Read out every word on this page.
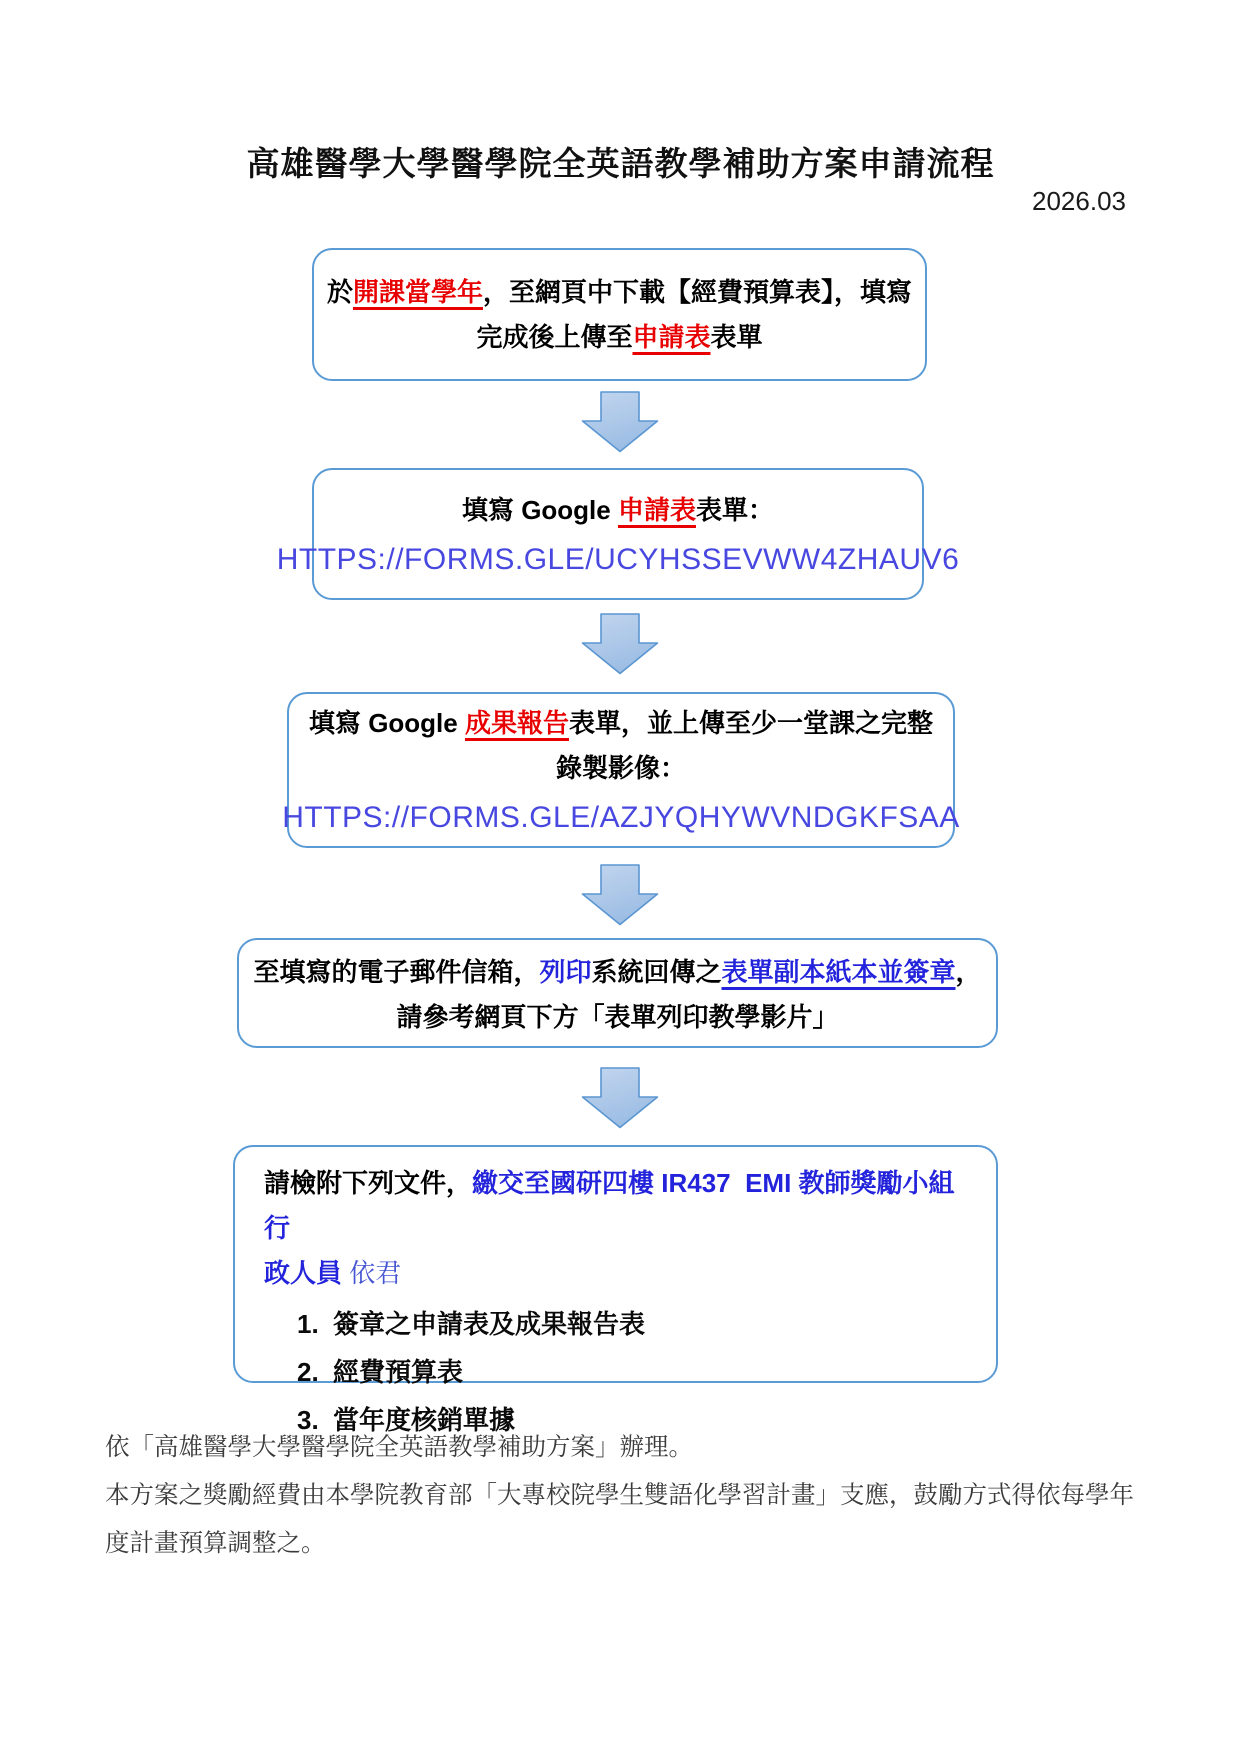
高雄醫學大學醫學院全英語教學補助方案申請流程
2026.03
於開課當學年，至網頁中下載【經費預算表】，填寫
完成後上傳至申請表表單
填寫 Google 申請表表單：
HTTPS://FORMS.GLE/UCYHSSEVWW4ZHAUV6
填寫 Google 成果報告表單，並上傳至少一堂課之完整
錄製影像：
HTTPS://FORMS.GLE/AZJYQHYWVNDGKFSAA
至填寫的電子郵件信箱，列印系統回傳之表單副本紙本並簽章，
請參考網頁下方「表單列印教學影片」
請檢附下列文件，繳交至國研四樓 IR437  EMI 教師獎勵小組行
政人員 依君
1. 簽章之申請表及成果報告表
2. 經費預算表
3. 當年度核銷單據

依「高雄醫學大學醫學院全英語教學補助方案」辦理。

本方案之獎勵經費由本學院教育部「大專校院學生雙語化學習計畫」支應，鼓勵方式得依每學年度計畫預算調整之。
